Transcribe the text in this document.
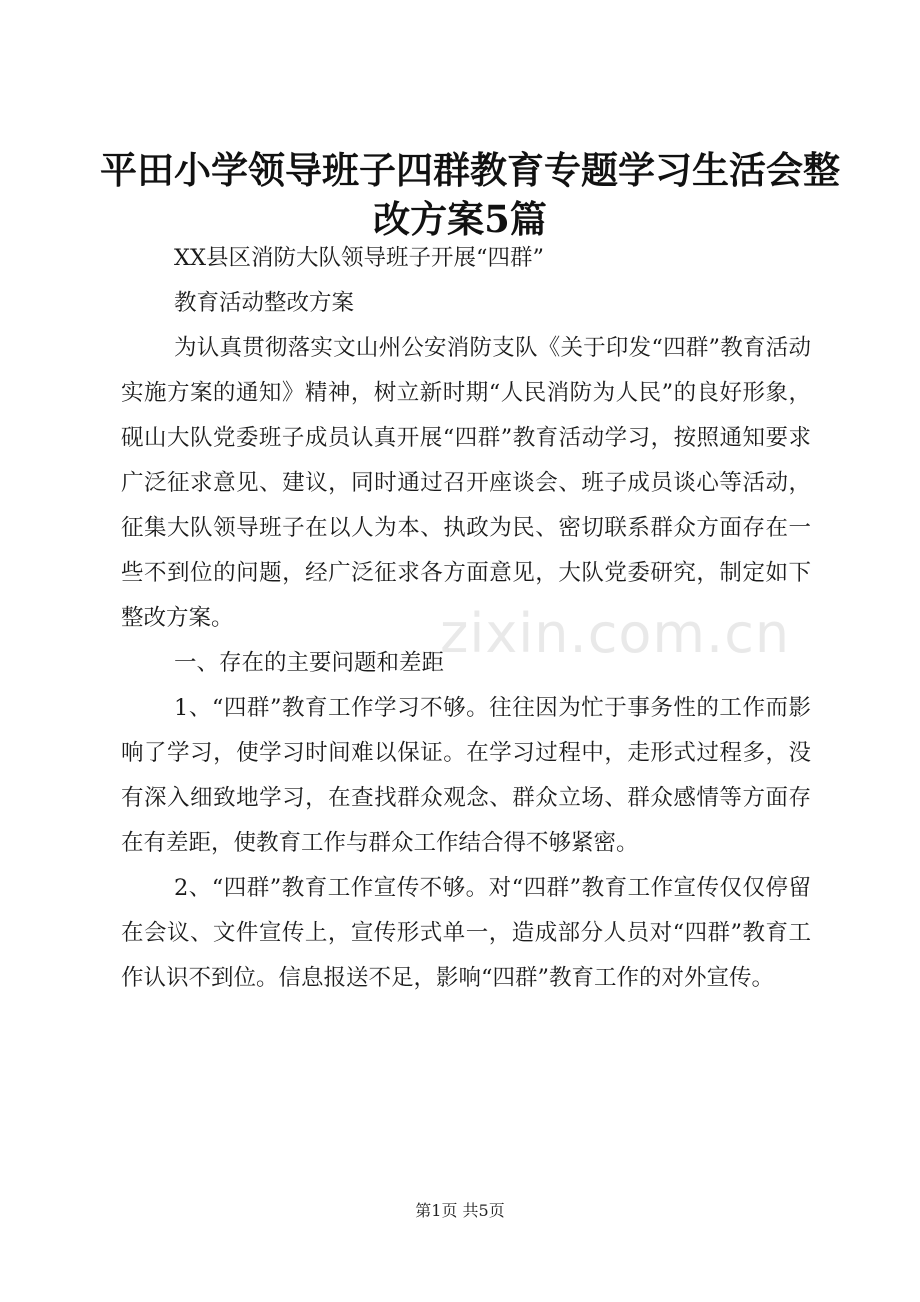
平田小学领导班子四群教育专题学习生活会整
改方案5篇

XX县区消防大队领导班子开展“四群”

教育活动整改方案

为认真贯彻落实文山州公安消防支队《关于印发“四群”教育活动实施方案的通知》精神，树立新时期“人民消防为人民”的良好形象，砚山大队党委班子成员认真开展“四群”教育活动学习，按照通知要求广泛征求意见、建议，同时通过召开座谈会、班子成员谈心等活动，征集大队领导班子在以人为本、执政为民、密切联系群众方面存在一些不到位的问题，经广泛征求各方面意见，大队党委研究，制定如下整改方案。

一、存在的主要问题和差距

1、“四群”教育工作学习不够。往往因为忙于事务性的工作而影响了学习，使学习时间难以保证。在学习过程中，走形式过程多，没有深入细致地学习，在查找群众观念、群众立场、群众感情等方面存在有差距，使教育工作与群众工作结合得不够紧密。

2、“四群”教育工作宣传不够。对“四群”教育工作宣传仅仅停留在会议、文件宣传上，宣传形式单一，造成部分人员对“四群”教育工作认识不到位。信息报送不足，影响“四群”教育工作的对外宣传。

zixin.com.cn
第1页 共5页
